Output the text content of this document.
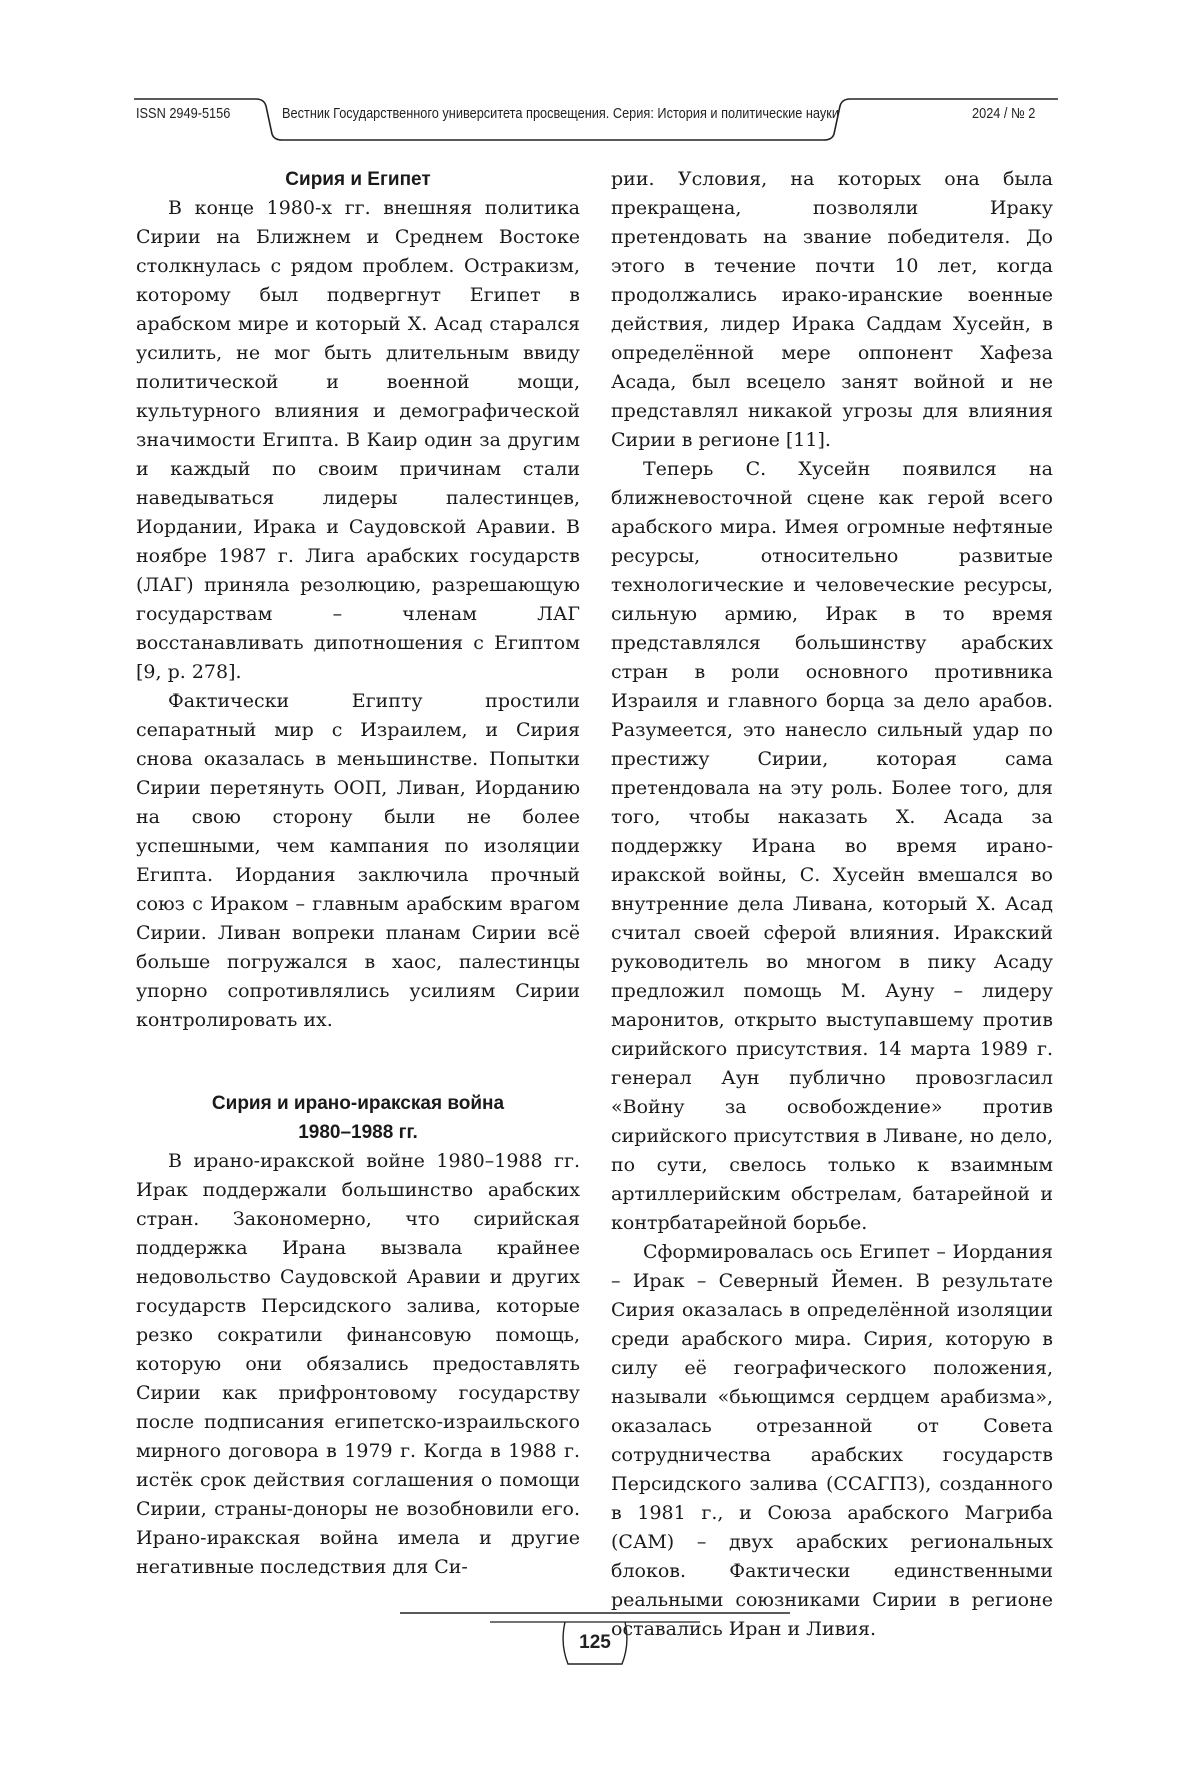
ISSN 2949-5156	Вестник Государственного университета просвещения. Серия: История и политические науки	2024 / № 2
Сирия и Египет

В конце 1980-х гг. внешняя политика Сирии на Ближнем и Среднем Востоке столкнулась с рядом проблем. Остракизм, которому был подвергнут Египет в арабском мире и который Х. Асад старался усилить, не мог быть длительным ввиду политической и военной мощи, культурного влияния и демографической значимости Египта. В Каир один за другим и каждый по своим причинам стали наведываться лидеры палестинцев, Иордании, Ирака и Саудовской Аравии. В ноябре 1987 г. Лига арабских государств (ЛАГ) приняла резолюцию, разрешающую государствам – членам ЛАГ восстанавливать дипотношения с Египтом [9, p. 278].

Фактически Египту простили сепаратный мир с Израилем, и Сирия снова оказалась в меньшинстве. Попытки Сирии перетянуть ООП, Ливан, Иорданию на свою сторону были не более успешными, чем кампания по изоляции Египта. Иордания заключила прочный союз с Ираком – главным арабским врагом Сирии. Ливан вопреки планам Сирии всё больше погружался в хаос, палестинцы упорно сопротивлялись усилиям Сирии контролировать их.

Сирия и ирано-иракская война
1980–1988 гг.

В ирано-иракской войне 1980–1988 гг. Ирак поддержали большинство арабских стран. Закономерно, что сирийская поддержка Ирана вызвала крайнее недовольство Саудовской Аравии и других государств Персидского залива, которые резко сократили финансовую помощь, которую они обязались предоставлять Сирии как прифронтовому государству после подписания египетско-израильского мирного договора в 1979 г. Когда в 1988 г. истёк срок действия соглашения о помощи Сирии, страны-доноры не возобновили его. Ирано-иракская война имела и другие негативные последствия для Си-

рии. Условия, на которых она была прекращена, позволяли Ираку претендовать на звание победителя. До этого в течение почти 10 лет, когда продолжались ирако-иранские военные действия, лидер Ирака Саддам Хусейн, в определённой мере оппонент Хафеза Асада, был всецело занят войной и не представлял никакой угрозы для влияния Сирии в регионе [11].

Теперь С. Хусейн появился на ближневосточной сцене как герой всего арабского мира. Имея огромные нефтяные ресурсы, относительно развитые технологические и человеческие ресурсы, сильную армию, Ирак в то время представлялся большинству арабских стран в роли основного противника Израиля и главного борца за дело арабов. Разумеется, это нанесло сильный удар по престижу Сирии, которая сама претендовала на эту роль. Более того, для того, чтобы наказать Х. Асада за поддержку Ирана во время ирано-иракской войны, С. Хусейн вмешался во внутренние дела Ливана, который Х. Асад считал своей сферой влияния. Иракский руководитель во многом в пику Асаду предложил помощь М. Ауну – лидеру маронитов, открыто выступавшему против сирийского присутствия. 14 марта 1989 г. генерал Аун публично провозгласил «Войну за освобождение» против сирийского присутствия в Ливане, но дело, по сути, свелось только к взаимным артиллерийским обстрелам, батарейной и контрбатарейной борьбе.

Сформировалась ось Египет – Иордания – Ирак – Северный Йемен. В результате Сирия оказалась в определённой изоляции среди арабского мира. Сирия, которую в силу её географического положения, называли «бьющимся сердцем арабизма», оказалась отрезанной от Совета сотрудничества арабских государств Персидского залива (ССАГПЗ), созданного в 1981 г., и Союза арабского Магриба (САМ) – двух арабских региональных блоков. Фактически единственными реальными союзниками Сирии в регионе оставались Иран и Ливия.

125
